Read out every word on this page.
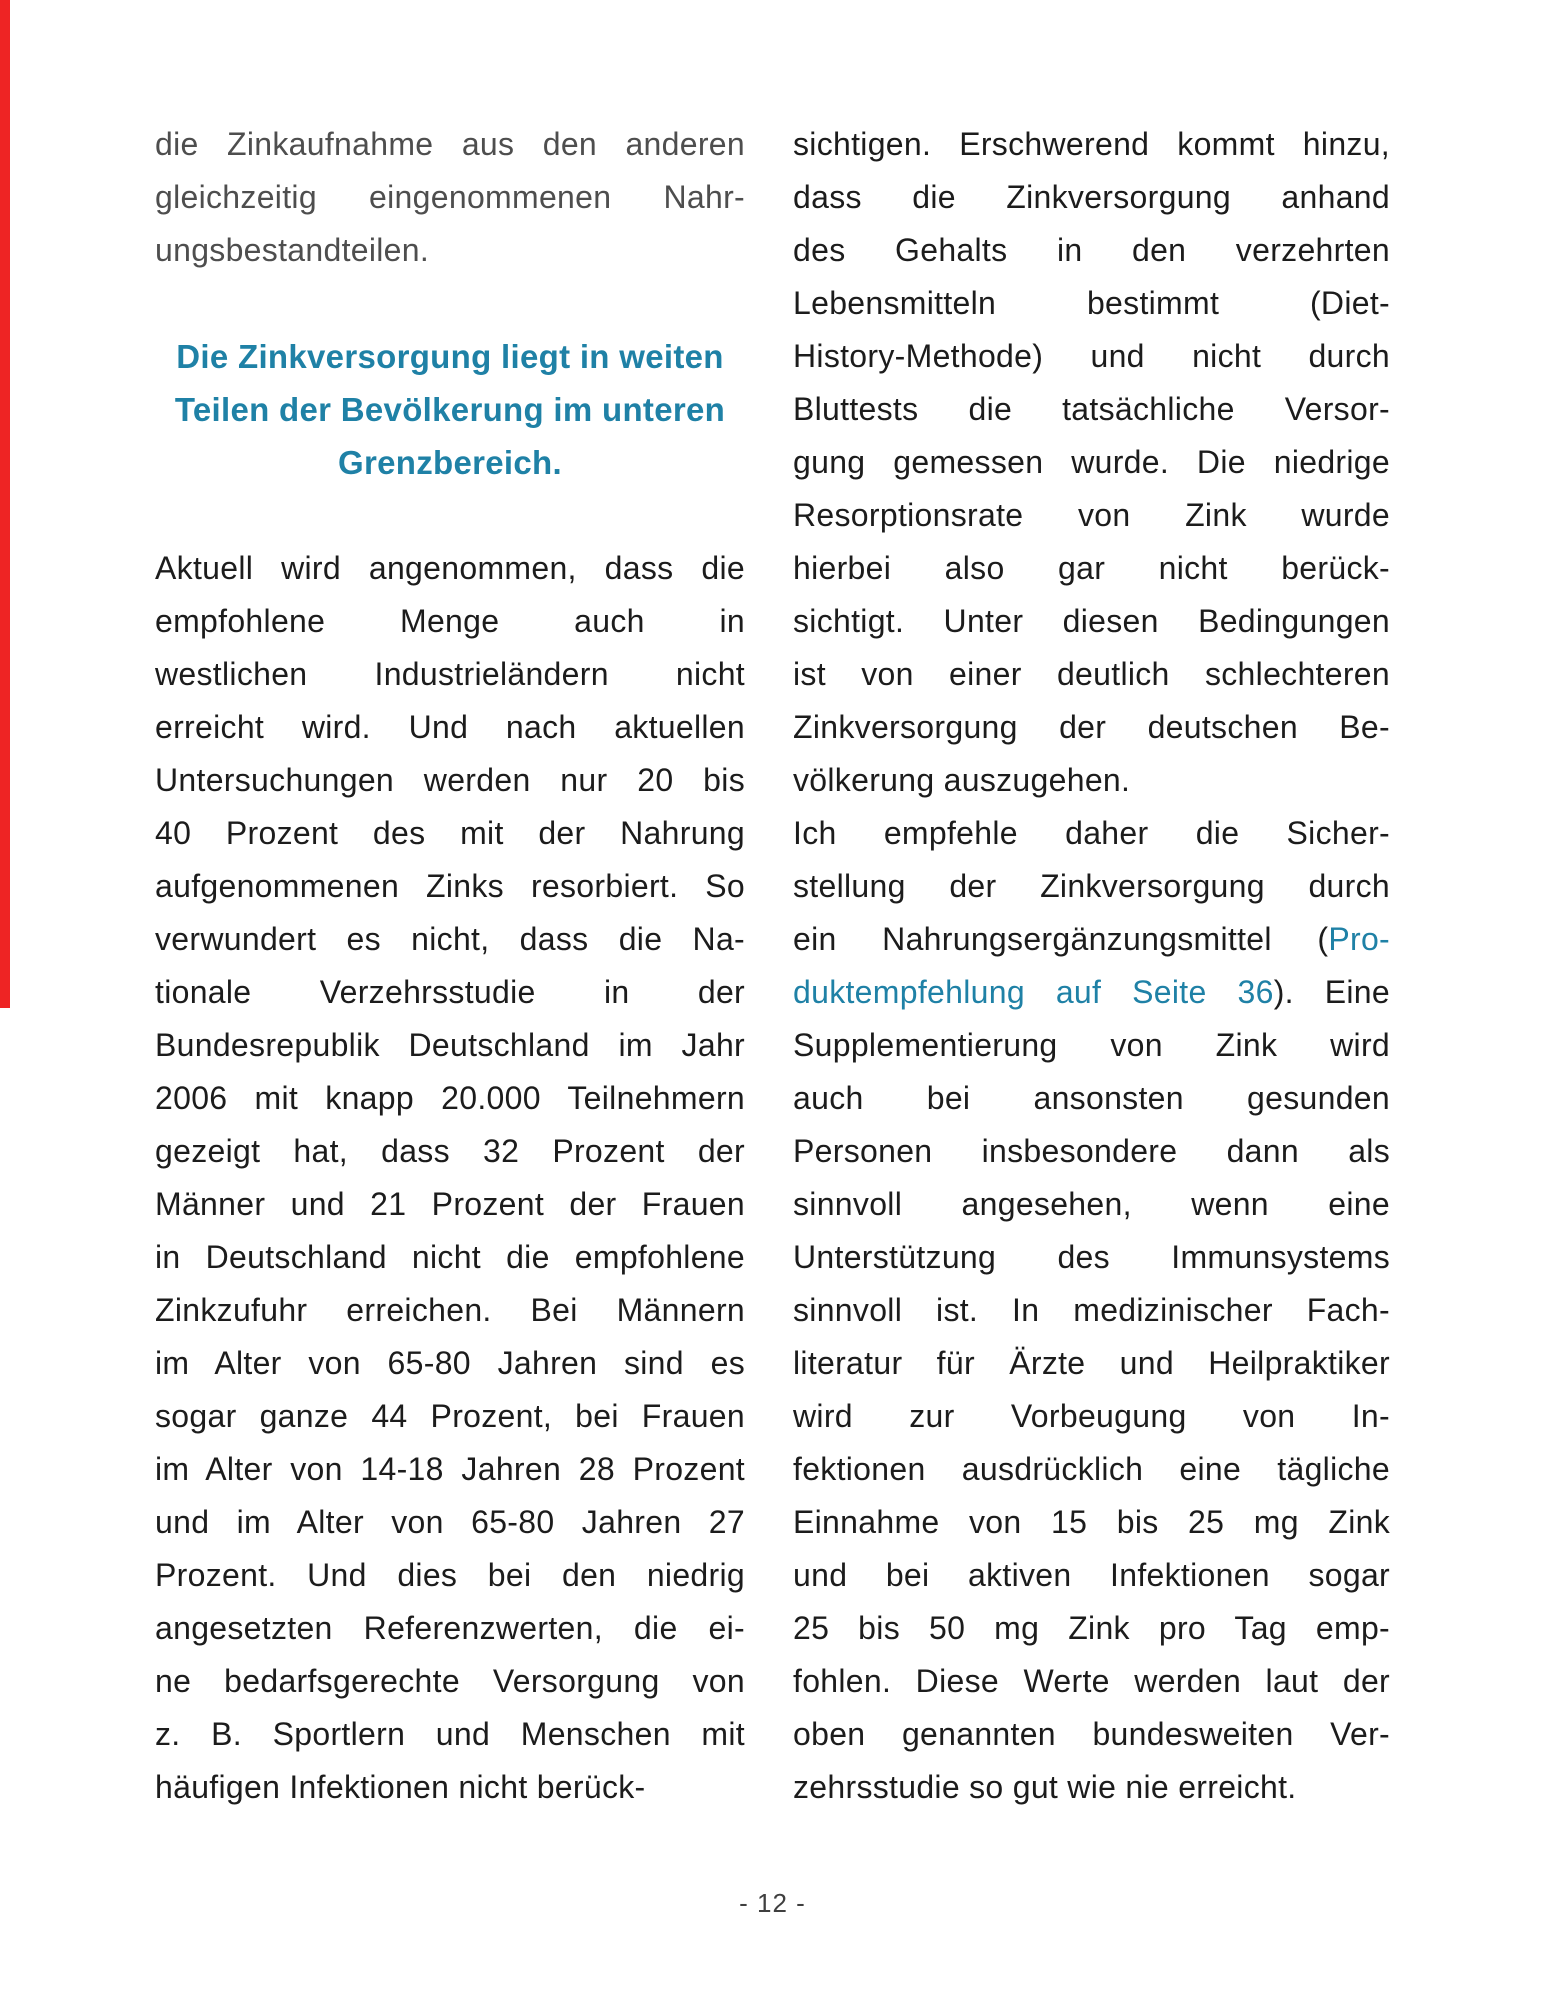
die Zinkaufnahme aus den anderen
gleichzeitig eingenommenen Nahr-
ungsbestandteilen.
Die Zinkversorgung liegt in weiten
Teilen der Bevölkerung im unteren
Grenzbereich.
Aktuell wird angenommen, dass die
empfohlene Menge auch in
westlichen Industrieländern nicht
erreicht wird. Und nach aktuellen
Untersuchungen werden nur 20 bis
40 Prozent des mit der Nahrung
aufgenommenen Zinks resorbiert. So
verwundert es nicht, dass die Na-
tionale Verzehrsstudie in der
Bundesrepublik Deutschland im Jahr
2006 mit knapp 20.000 Teilnehmern
gezeigt hat, dass 32 Prozent der
Männer und 21 Prozent der Frauen
in Deutschland nicht die empfohlene
Zinkzufuhr erreichen. Bei Männern
im Alter von 65-80 Jahren sind es
sogar ganze 44 Prozent, bei Frauen
im Alter von 14-18 Jahren 28 Prozent
und im Alter von 65-80 Jahren 27
Prozent. Und dies bei den niedrig
angesetzten Referenzwerten, die ei-
ne bedarfsgerechte Versorgung von
z. B. Sportlern und Menschen mit
häufigen Infektionen nicht berück-
sichtigen. Erschwerend kommt hinzu,
dass die Zinkversorgung anhand
des Gehalts in den verzehrten
Lebensmitteln bestimmt (Diet-
History-Methode) und nicht durch
Bluttests die tatsächliche Versor-
gung gemessen wurde. Die niedrige
Resorptionsrate von Zink wurde
hierbei also gar nicht berück-
sichtigt. Unter diesen Bedingungen
ist von einer deutlich schlechteren
Zinkversorgung der deutschen Be-
völkerung auszugehen.
Ich empfehle daher die Sicher-
stellung der Zinkversorgung durch
ein Nahrungsergänzungsmittel (Pro-
duktempfehlung auf Seite 36). Eine
Supplementierung von Zink wird
auch bei ansonsten gesunden
Personen insbesondere dann als
sinnvoll angesehen, wenn eine
Unterstützung des Immunsystems
sinnvoll ist. In medizinischer Fach-
literatur für Ärzte und Heilpraktiker
wird zur Vorbeugung von In-
fektionen ausdrücklich eine tägliche
Einnahme von 15 bis 25 mg Zink
und bei aktiven Infektionen sogar
25 bis 50 mg Zink pro Tag emp-
fohlen. Diese Werte werden laut der
oben genannten bundesweiten Ver-
zehrsstudie so gut wie nie erreicht.
- 12 -
